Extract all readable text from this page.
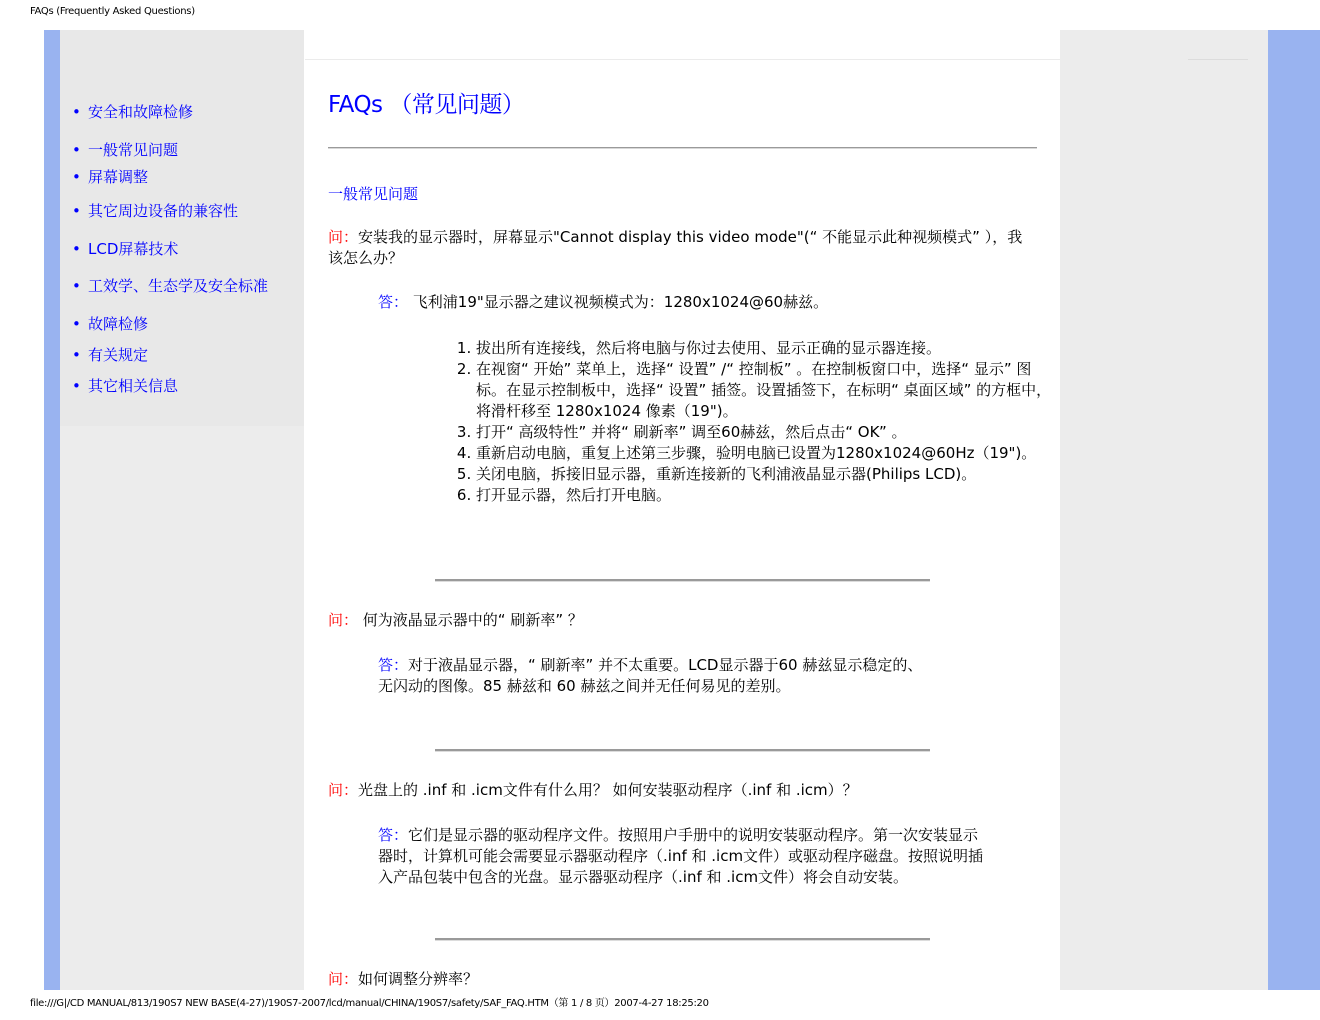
FAQs (Frequently Asked Questions)
• 安全和故障检修
• 一般常见问题
• 屏幕调整
• 其它周边设备的兼容性
• LCD屏幕技术
• 工效学、生态学及安全标准
• 故障检修
• 有关规定
• 其它相关信息
FAQs （常见问题）
一般常见问题
问：安装我的显示器时，屏幕显示"Cannot display this video mode"(“ 不能显示此种视频模式” ），我该怎么办？
答： 飞利浦19"显示器之建议视频模式为：1280x1024@60赫兹。
1. 拔出所有连接线，然后将电脑与你过去使用、显示正确的显示器连接。
2. 在视窗“ 开始” 菜单上，选择“ 设置” /“ 控制板” 。在控制板窗口中，选择“ 显示” 图标。在显示控制板中，选择“ 设置” 插签。设置插签下，在标明“ 桌面区域” 的方框中，将滑杆移至 1280x1024 像素（19")。
3. 打开“ 高级特性” 并将“ 刷新率” 调至60赫兹，然后点击“ OK” 。
4. 重新启动电脑，重复上述第三步骤，验明电脑已设置为1280x1024@60Hz（19")。
5. 关闭电脑，拆接旧显示器，重新连接新的飞利浦液晶显示器(Philips LCD)。
6. 打开显示器，然后打开电脑。
问： 何为液晶显示器中的“ 刷新率” ？
答：对于液晶显示器，“ 刷新率” 并不太重要。LCD显示器于60 赫兹显示稳定的、
无闪动的图像。85 赫兹和 60 赫兹之间并无任何易见的差别。
问：光盘上的 .inf 和 .icm文件有什么用？ 如何安装驱动程序（.inf 和 .icm）？
答：它们是显示器的驱动程序文件。按照用户手册中的说明安装驱动程序。第一次安装显示器时，计算机可能会需要显示器驱动程序（.inf 和 .icm文件）或驱动程序磁盘。按照说明插入产品包装中包含的光盘。显示器驱动程序（.inf 和 .icm文件）将会自动安装。
问：如何调整分辨率？
file:///G|/CD MANUAL/813/190S7 NEW BASE(4-27)/190S7-2007/lcd/manual/CHINA/190S7/safety/SAF_FAQ.HTM（第 1 / 8 页）2007-4-27 18:25:20
